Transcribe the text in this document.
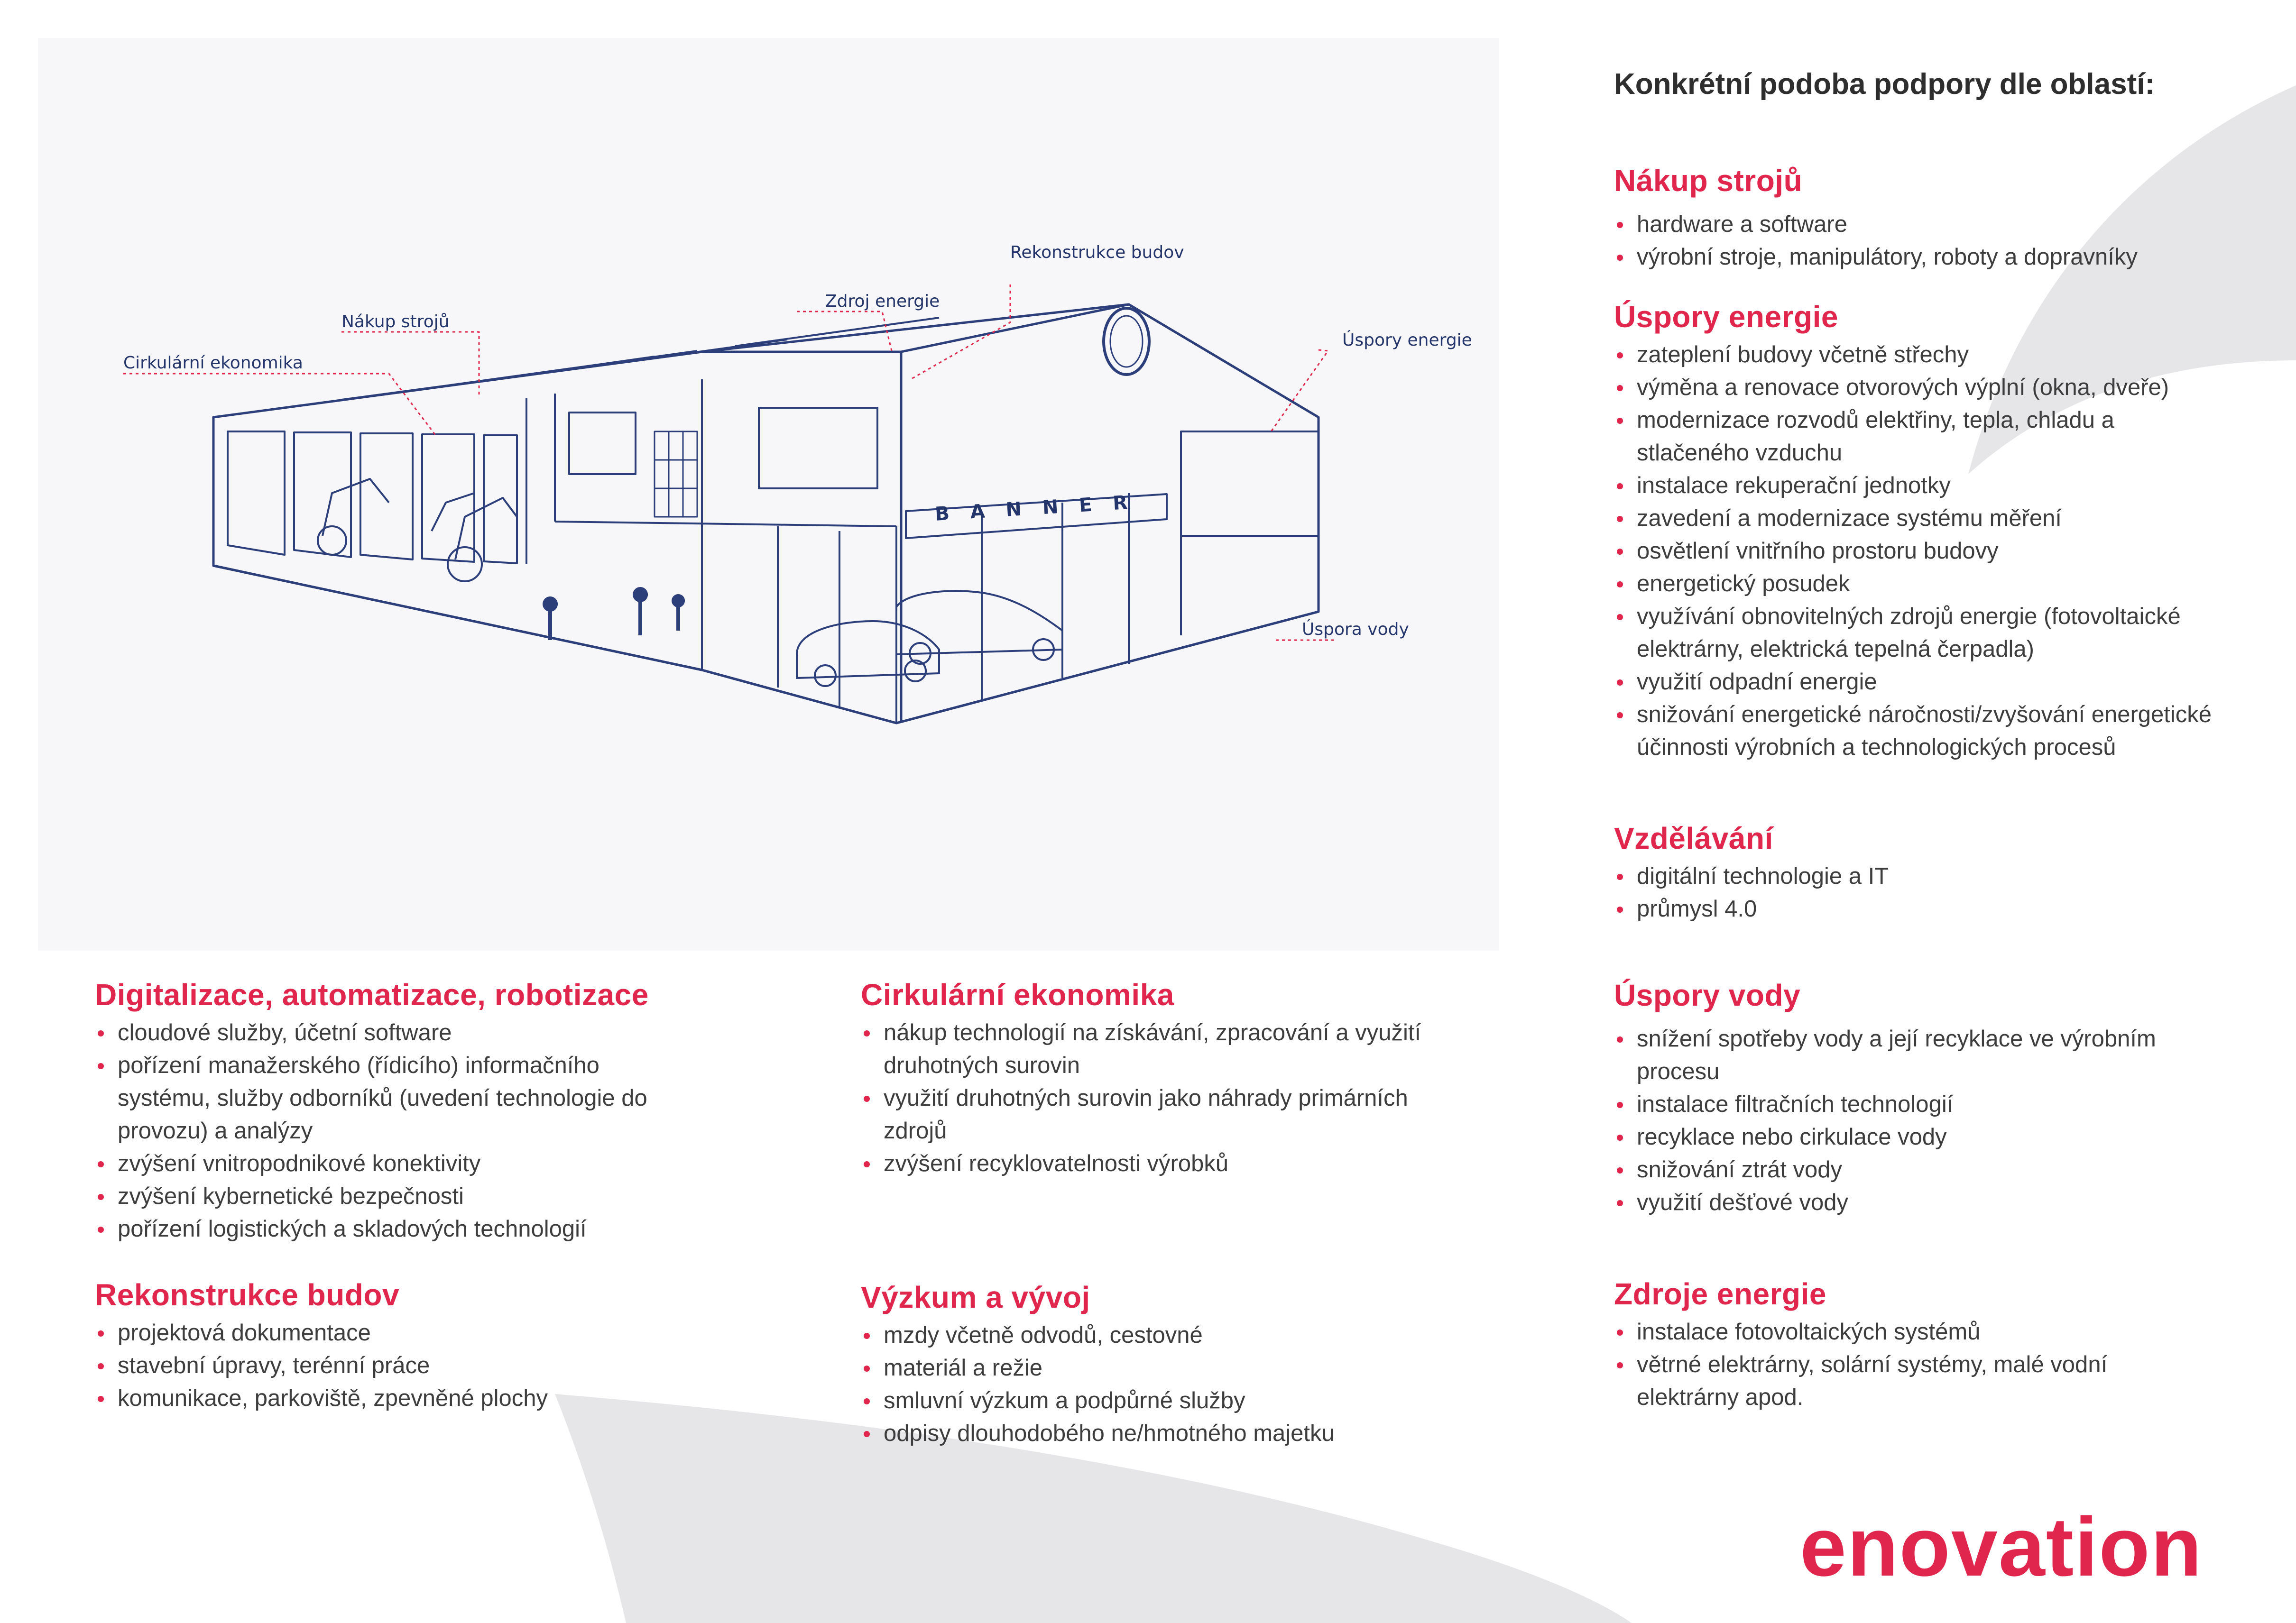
Nákup strojů
Cirkulární ekonomika
Zdroj energie
Rekonstrukce budov
Úspory energie
Úspora vody
BANNER
Konkrétní podoba podpory dle oblastí:
Nákup strojů
hardware a software
výrobní stroje, manipulátory, roboty a dopravníky
Úspory energie
zateplení budovy včetně střechy
výměna a renovace otvorových výplní (okna, dveře)
modernizace rozvodů elektřiny, tepla, chladu a stlačeného vzduchu
instalace rekuperační jednotky
zavedení a modernizace systému měření
osvětlení vnitřního prostoru budovy
energetický posudek
využívání obnovitelných zdrojů energie (fotovoltaické elektrárny, elektrická tepelná čerpadla)
využití odpadní energie
snižování energetické náročnosti/zvyšování energetické účinnosti výrobních a technologických procesů
Vzdělávání
digitální technologie a IT
průmysl 4.0
Úspory vody
snížení spotřeby vody a její recyklace ve výrobním procesu
instalace filtračních technologií
recyklace nebo cirkulace vody
snižování ztrát vody
využití dešťové vody
Zdroje energie
instalace fotovoltaických systémů
větrné elektrárny, solární systémy, malé vodní elektrárny apod.
Digitalizace, automatizace, robotizace
cloudové služby, účetní software
pořízení manažerského (řídicího) informačního systému, služby odborníků (uvedení technologie do provozu) a analýzy
zvýšení vnitropodnikové konektivity
zvýšení kybernetické bezpečnosti
pořízení logistických a skladových technologií
Rekonstrukce budov
projektová dokumentace
stavební úpravy, terénní práce
komunikace, parkoviště, zpevněné plochy
Cirkulární ekonomika
nákup technologií na získávání, zpracování a využití druhotných surovin
využití druhotných surovin jako náhrady primárních zdrojů
zvýšení recyklovatelnosti výrobků
Výzkum a vývoj
mzdy včetně odvodů, cestovné
materiál a režie
smluvní výzkum a podpůrné služby
odpisy dlouhodobého ne/hmotného majetku
enovation
